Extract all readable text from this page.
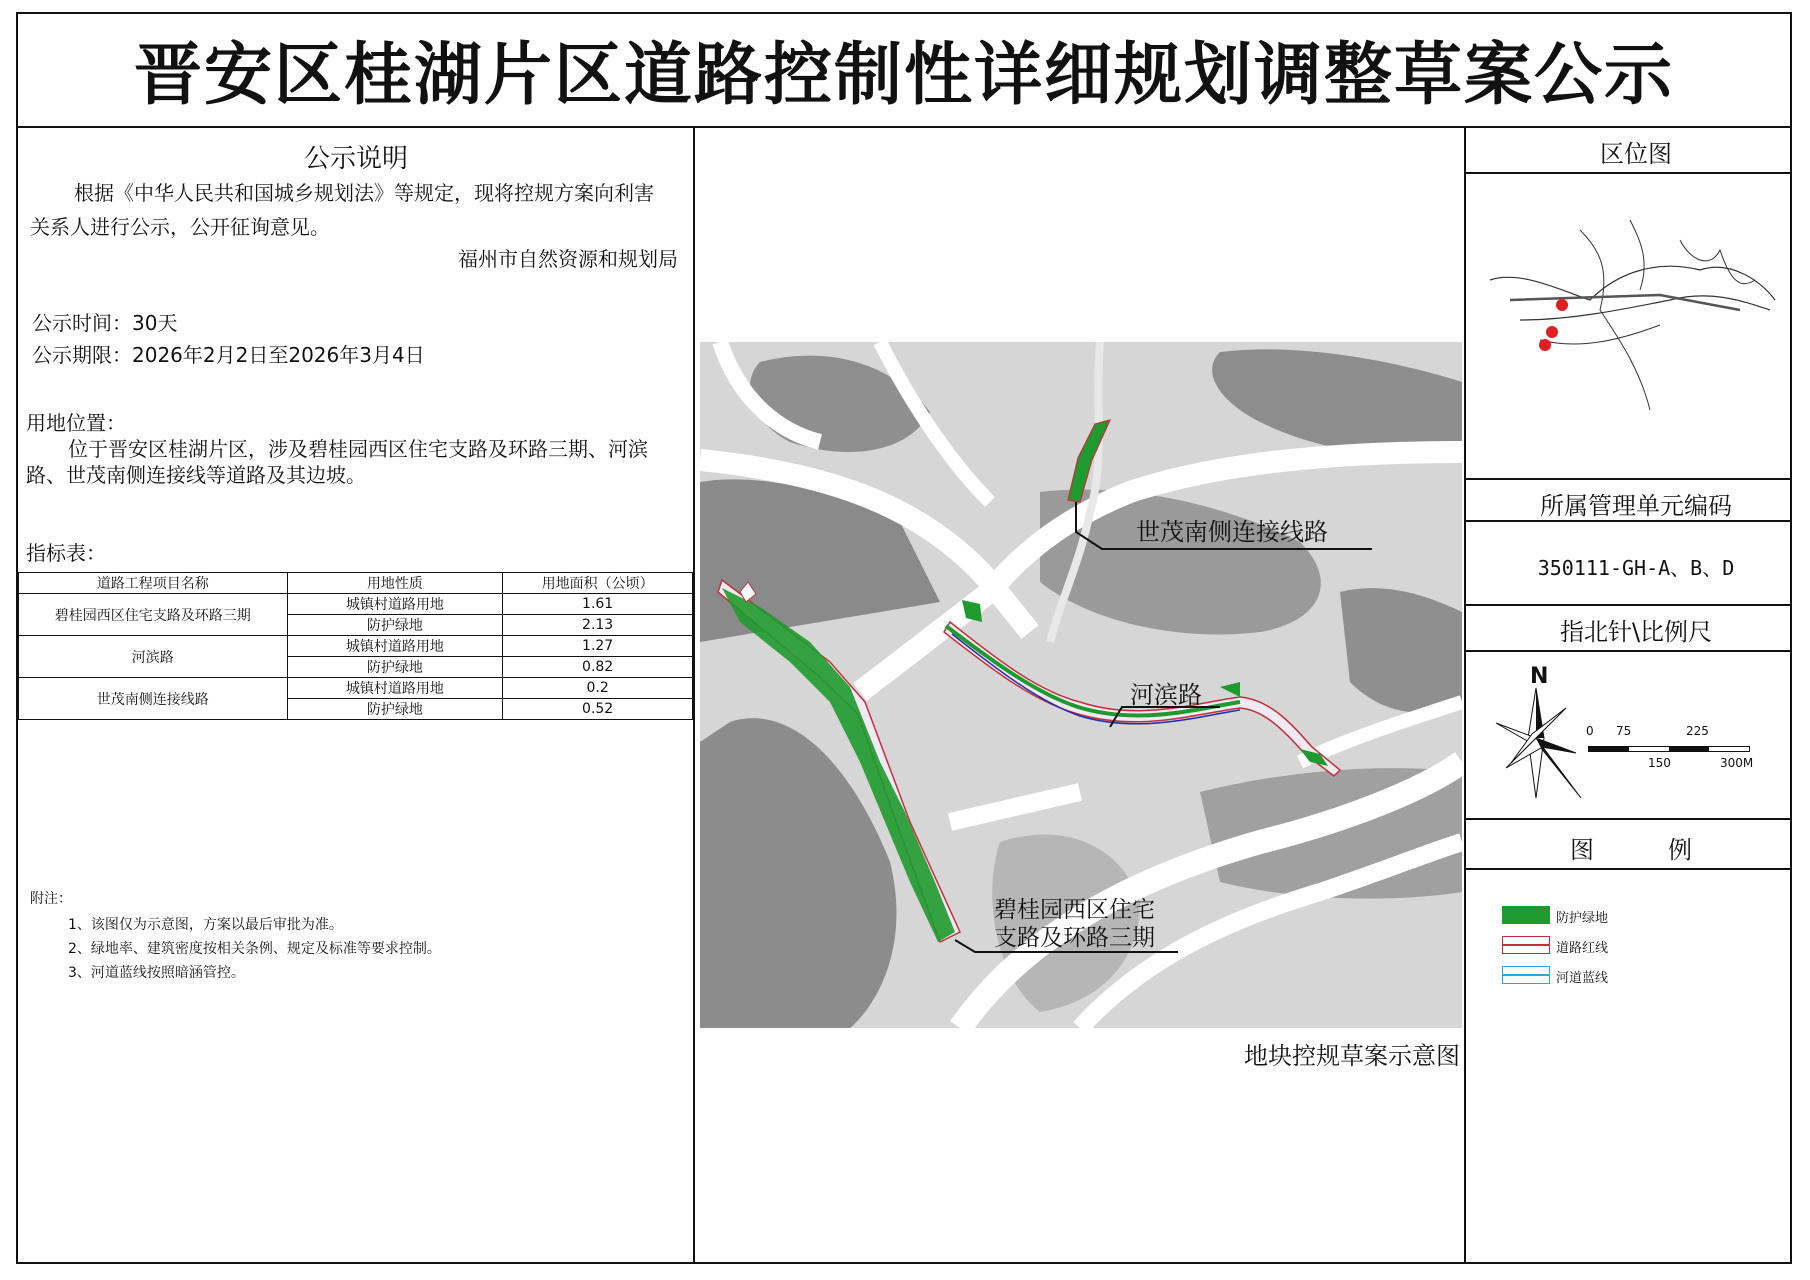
晋安区桂湖片区道路控制性详细规划调整草案公示
公示说明
根据《中华人民共和国城乡规划法》等规定，现将控规方案向利害
关系人进行公示，公开征询意见。
福州市自然资源和规划局
公示时间：30天
公示期限：2026年2月2日至2026年3月4日
用地位置：
位于晋安区桂湖片区，涉及碧桂园西区住宅支路及环路三期、河滨
路、世茂南侧连接线等道路及其边坡。
指标表：
道路工程项目名称	用地性质	用地面积（公顷）
碧桂园西区住宅支路及环路三期	城镇村道路用地	1.61
	防护绿地	2.13
河滨路	城镇村道路用地	1.27
	防护绿地	0.82
世茂南侧连接线路	城镇村道路用地	0.2
	防护绿地	0.52
附注：
1、该图仅为示意图，方案以最后审批为准。
2、绿地率、建筑密度按相关条例、规定及标准等要求控制。
3、河道蓝线按照暗涵管控。
世茂南侧连接线路
河滨路
碧桂园西区住宅
支路及环路三期
地块控规草案示意图
区位图
所属管理单元编码
350111-GH-A、B、D
指北针\比例尺
N
0 75	225
150	300M
图	例
防护绿地
道路红线
河道蓝线
